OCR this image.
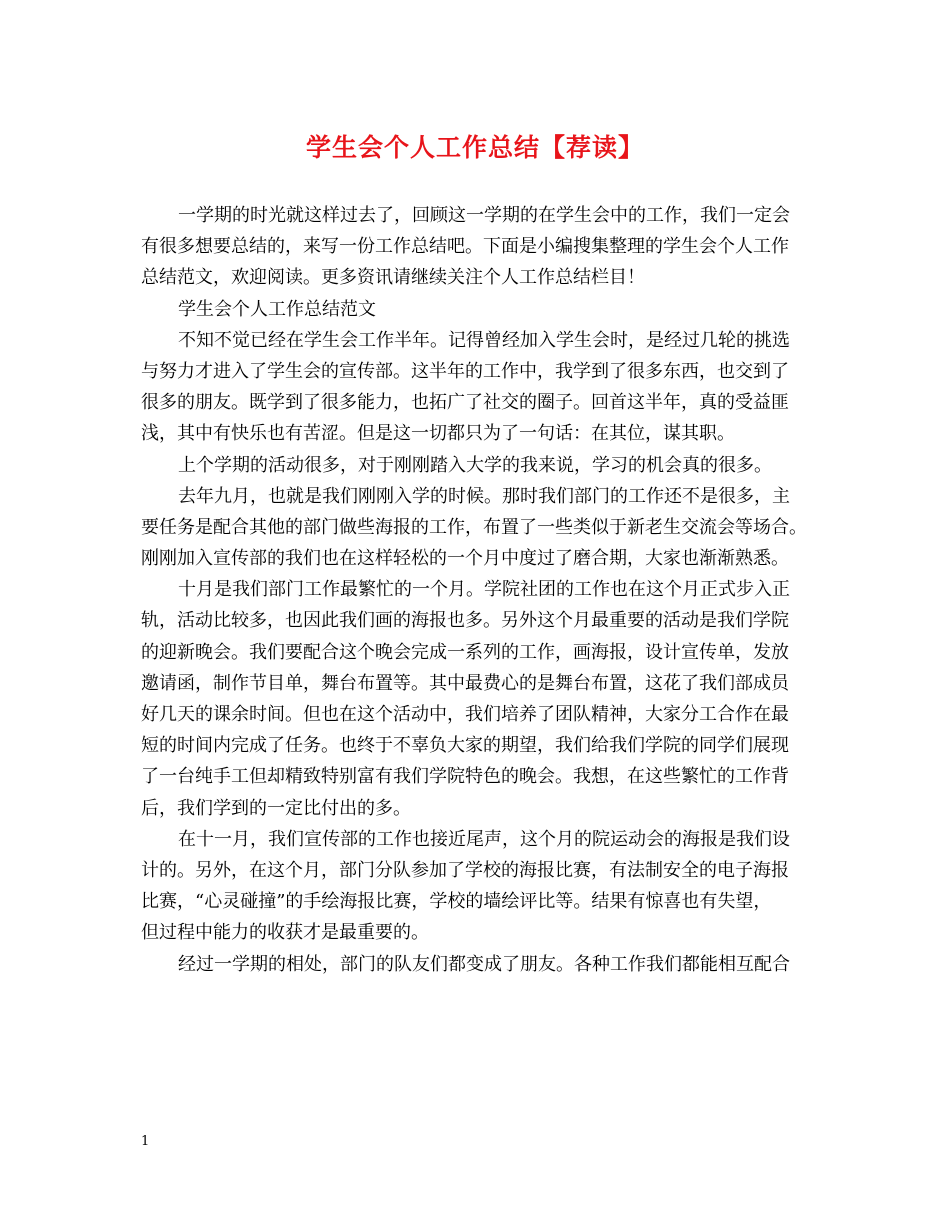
学生会个人工作总结【荐读】

一学期的时光就这样过去了，回顾这一学期的在学生会中的工作，我们一定会
有很多想要总结的，来写一份工作总结吧。下面是小编搜集整理的学生会个人工作
总结范文，欢迎阅读。更多资讯请继续关注个人工作总结栏目！

学生会个人工作总结范文

不知不觉已经在学生会工作半年。记得曾经加入学生会时，是经过几轮的挑选
与努力才进入了学生会的宣传部。这半年的工作中，我学到了很多东西，也交到了
很多的朋友。既学到了很多能力，也拓广了社交的圈子。回首这半年，真的受益匪
浅，其中有快乐也有苦涩。但是这一切都只为了一句话：在其位，谋其职。

上个学期的活动很多，对于刚刚踏入大学的我来说，学习的机会真的很多。

去年九月，也就是我们刚刚入学的时候。那时我们部门的工作还不是很多，主
要任务是配合其他的部门做些海报的工作，布置了一些类似于新老生交流会等场合。
刚刚加入宣传部的我们也在这样轻松的一个月中度过了磨合期，大家也渐渐熟悉。

十月是我们部门工作最繁忙的一个月。学院社团的工作也在这个月正式步入正
轨，活动比较多，也因此我们画的海报也多。另外这个月最重要的活动是我们学院
的迎新晚会。我们要配合这个晚会完成一系列的工作，画海报，设计宣传单，发放
邀请函，制作节目单，舞台布置等。其中最费心的是舞台布置，这花了我们部成员
好几天的课余时间。但也在这个活动中，我们培养了团队精神，大家分工合作在最
短的时间内完成了任务。也终于不辜负大家的期望，我们给我们学院的同学们展现
了一台纯手工但却精致特别富有我们学院特色的晚会。我想，在这些繁忙的工作背
后，我们学到的一定比付出的多。

在十一月，我们宣传部的工作也接近尾声，这个月的院运动会的海报是我们设
计的。另外，在这个月，部门分队参加了学校的海报比赛，有法制安全的电子海报
比赛，“心灵碰撞”的手绘海报比赛，学校的墙绘评比等。结果有惊喜也有失望，
但过程中能力的收获才是最重要的。

经过一学期的相处，部门的队友们都变成了朋友。各种工作我们都能相互配合

1
